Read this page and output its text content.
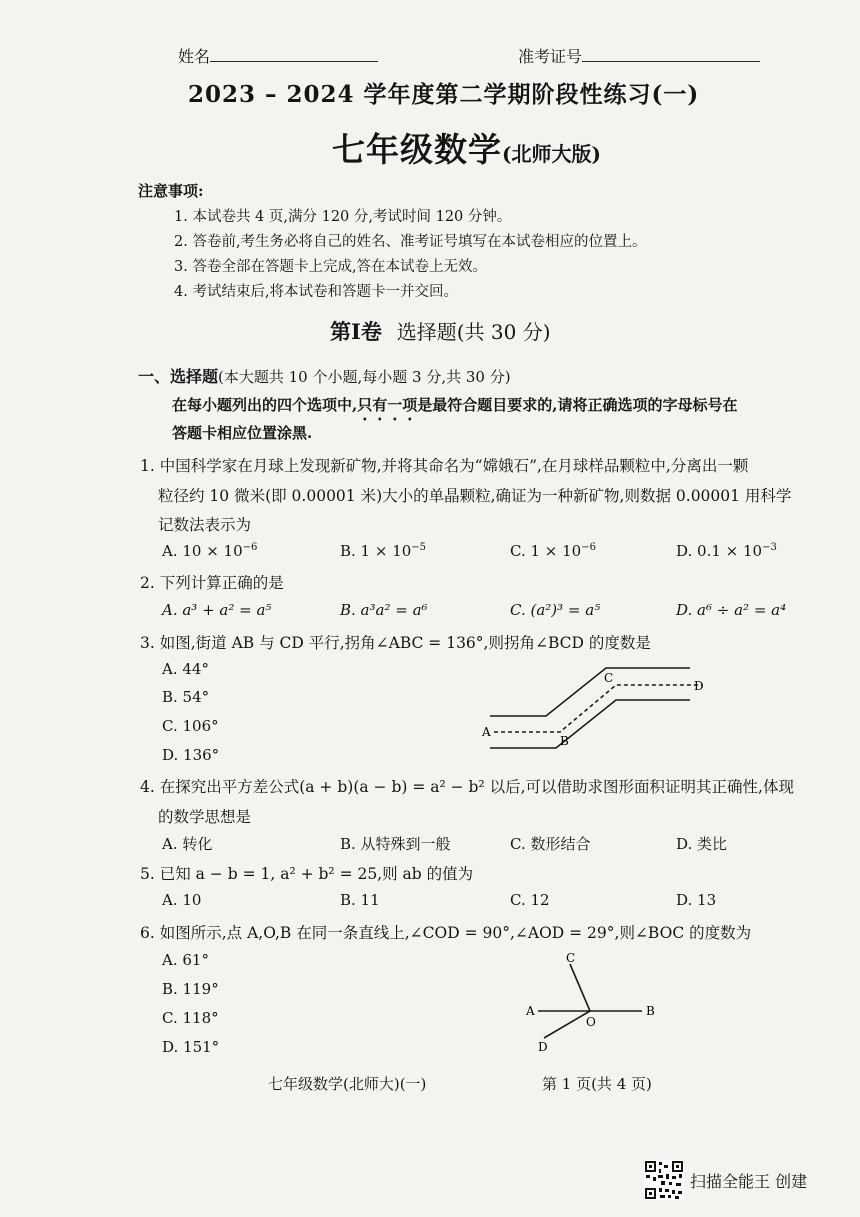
姓名	准考证号
2023 – 2024 学年度第二学期阶段性练习(一)
七年级数学(北师大版)
注意事项:
1. 本试卷共 4 页,满分 120 分,考试时间 120 分钟。
2. 答卷前,考生务必将自己的姓名、准考证号填写在本试卷相应的位置上。
3. 答卷全部在答题卡上完成,答在本试卷上无效。
4. 考试结束后,将本试卷和答题卡一并交回。
第Ⅰ卷 选择题(共 30 分)
一、选择题(本大题共 10 个小题,每小题 3 分,共 30 分)
在每小题列出的四个选项中,只有一项是最符合题目要求的,请将正确选项的字母标号在
答题卡相应位置涂黑.
1. 中国科学家在月球上发现新矿物,并将其命名为“嫦娥石”,在月球样品颗粒中,分离出一颗
粒径约 10 微米(即 0.00001 米)大小的单晶颗粒,确证为一种新矿物,则数据 0.00001 用科学
记数法表示为
A. $10 \times 10^{-6}$	B. $1 \times 10^{-5}$	C. $1 \times 10^{-6}$	D. $0.1 \times 10^{-3}$
2. 下列计算正确的是
A. a³ + a² = a⁵	B. a³a² = a⁶	C. (a²)³ = a⁵	D. a⁶ ÷ a² = a⁴
3. 如图,街道 AB 与 CD 平行,拐角∠ABC = 136°,则拐角∠BCD 的度数是
A. 44°
B. 54°
C. 106°
D. 136°
A
B
C
D
4. 在探究出平方差公式(a + b)(a − b) = a² − b² 以后,可以借助求图形面积证明其正确性,体现
的数学思想是
A. 转化	B. 从特殊到一般	C. 数形结合	D. 类比
5. 已知 a − b = 1, a² + b² = 25,则 ab 的值为
A. 10	B. 11	C. 12	D. 13
6. 如图所示,点 A,O,B 在同一条直线上,∠COD = 90°,∠AOD = 29°,则∠BOC 的度数为
A. 61°
B. 119°
C. 118°
D. 151°
C
A
O
B
D
七年级数学(北师大)(一)	第 1 页(共 4 页)
扫描全能王 创建
